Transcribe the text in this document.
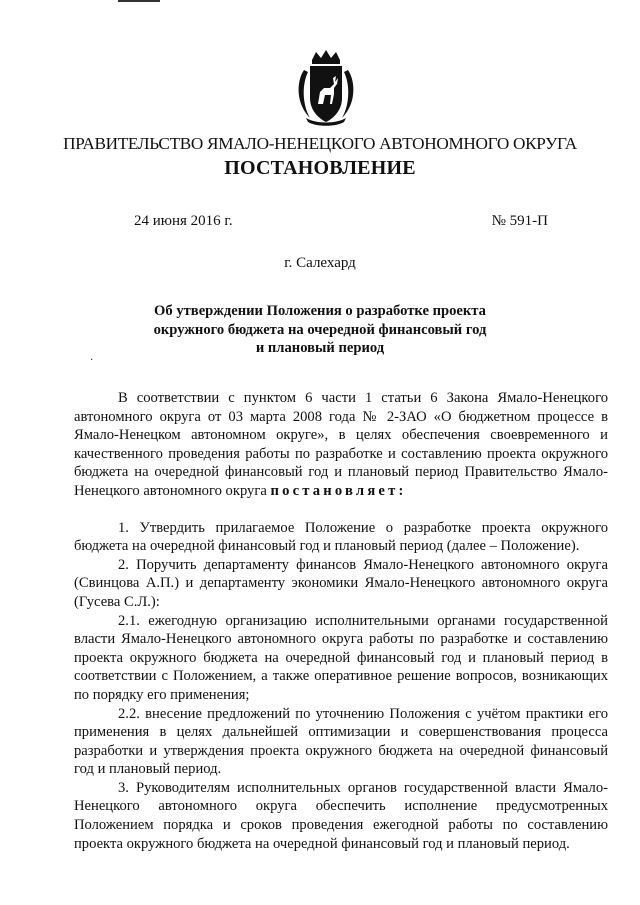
ПРАВИТЕЛЬСТВО ЯМАЛО-НЕНЕЦКОГО АВТОНОМНОГО ОКРУГА
ПОСТАНОВЛЕНИЕ
24 июня 2016 г.	№ 591-П
г. Салехард
Об утверждении Положения о разработке проекта
окружного бюджета на очередной финансовый год
и плановый период
·

В соответствии с пунктом 6 части 1 статьи 6 Закона Ямало-Ненецкого автономного округа от 03 марта 2008 года № 2-ЗАО «О бюджетном процессе в Ямало-Ненецком автономном округе», в целях обеспечения своевременного и качественного проведения работы по разработке и составлению проекта окружного бюджета на очередной финансовый год и плановый период Правительство Ямало-Ненецкого автономного округа постановляет:

1. Утвердить прилагаемое Положение о разработке проекта окружного бюджета на очередной финансовый год и плановый период (далее – Положение).

2. Поручить департаменту финансов Ямало-Ненецкого автономного округа (Свинцова А.П.) и департаменту экономики Ямало-Ненецкого автономного округа (Гусева С.Л.):

2.1. ежегодную организацию исполнительными органами государственной власти Ямало-Ненецкого автономного округа работы по разработке и составлению проекта окружного бюджета на очередной финансовый год и плановый период в соответствии с Положением, а также оперативное решение вопросов, возникающих по порядку его применения;

2.2. внесение предложений по уточнению Положения с учётом практики его применения в целях дальнейшей оптимизации и совершенствования процесса разработки и утверждения проекта окружного бюджета на очередной финансовый год и плановый период.

3. Руководителям исполнительных органов государственной власти Ямало-Ненецкого автономного округа обеспечить исполнение предусмотренных Положением порядка и сроков проведения ежегодной работы по составлению проекта окружного бюджета на очередной финансовый год и плановый период.
